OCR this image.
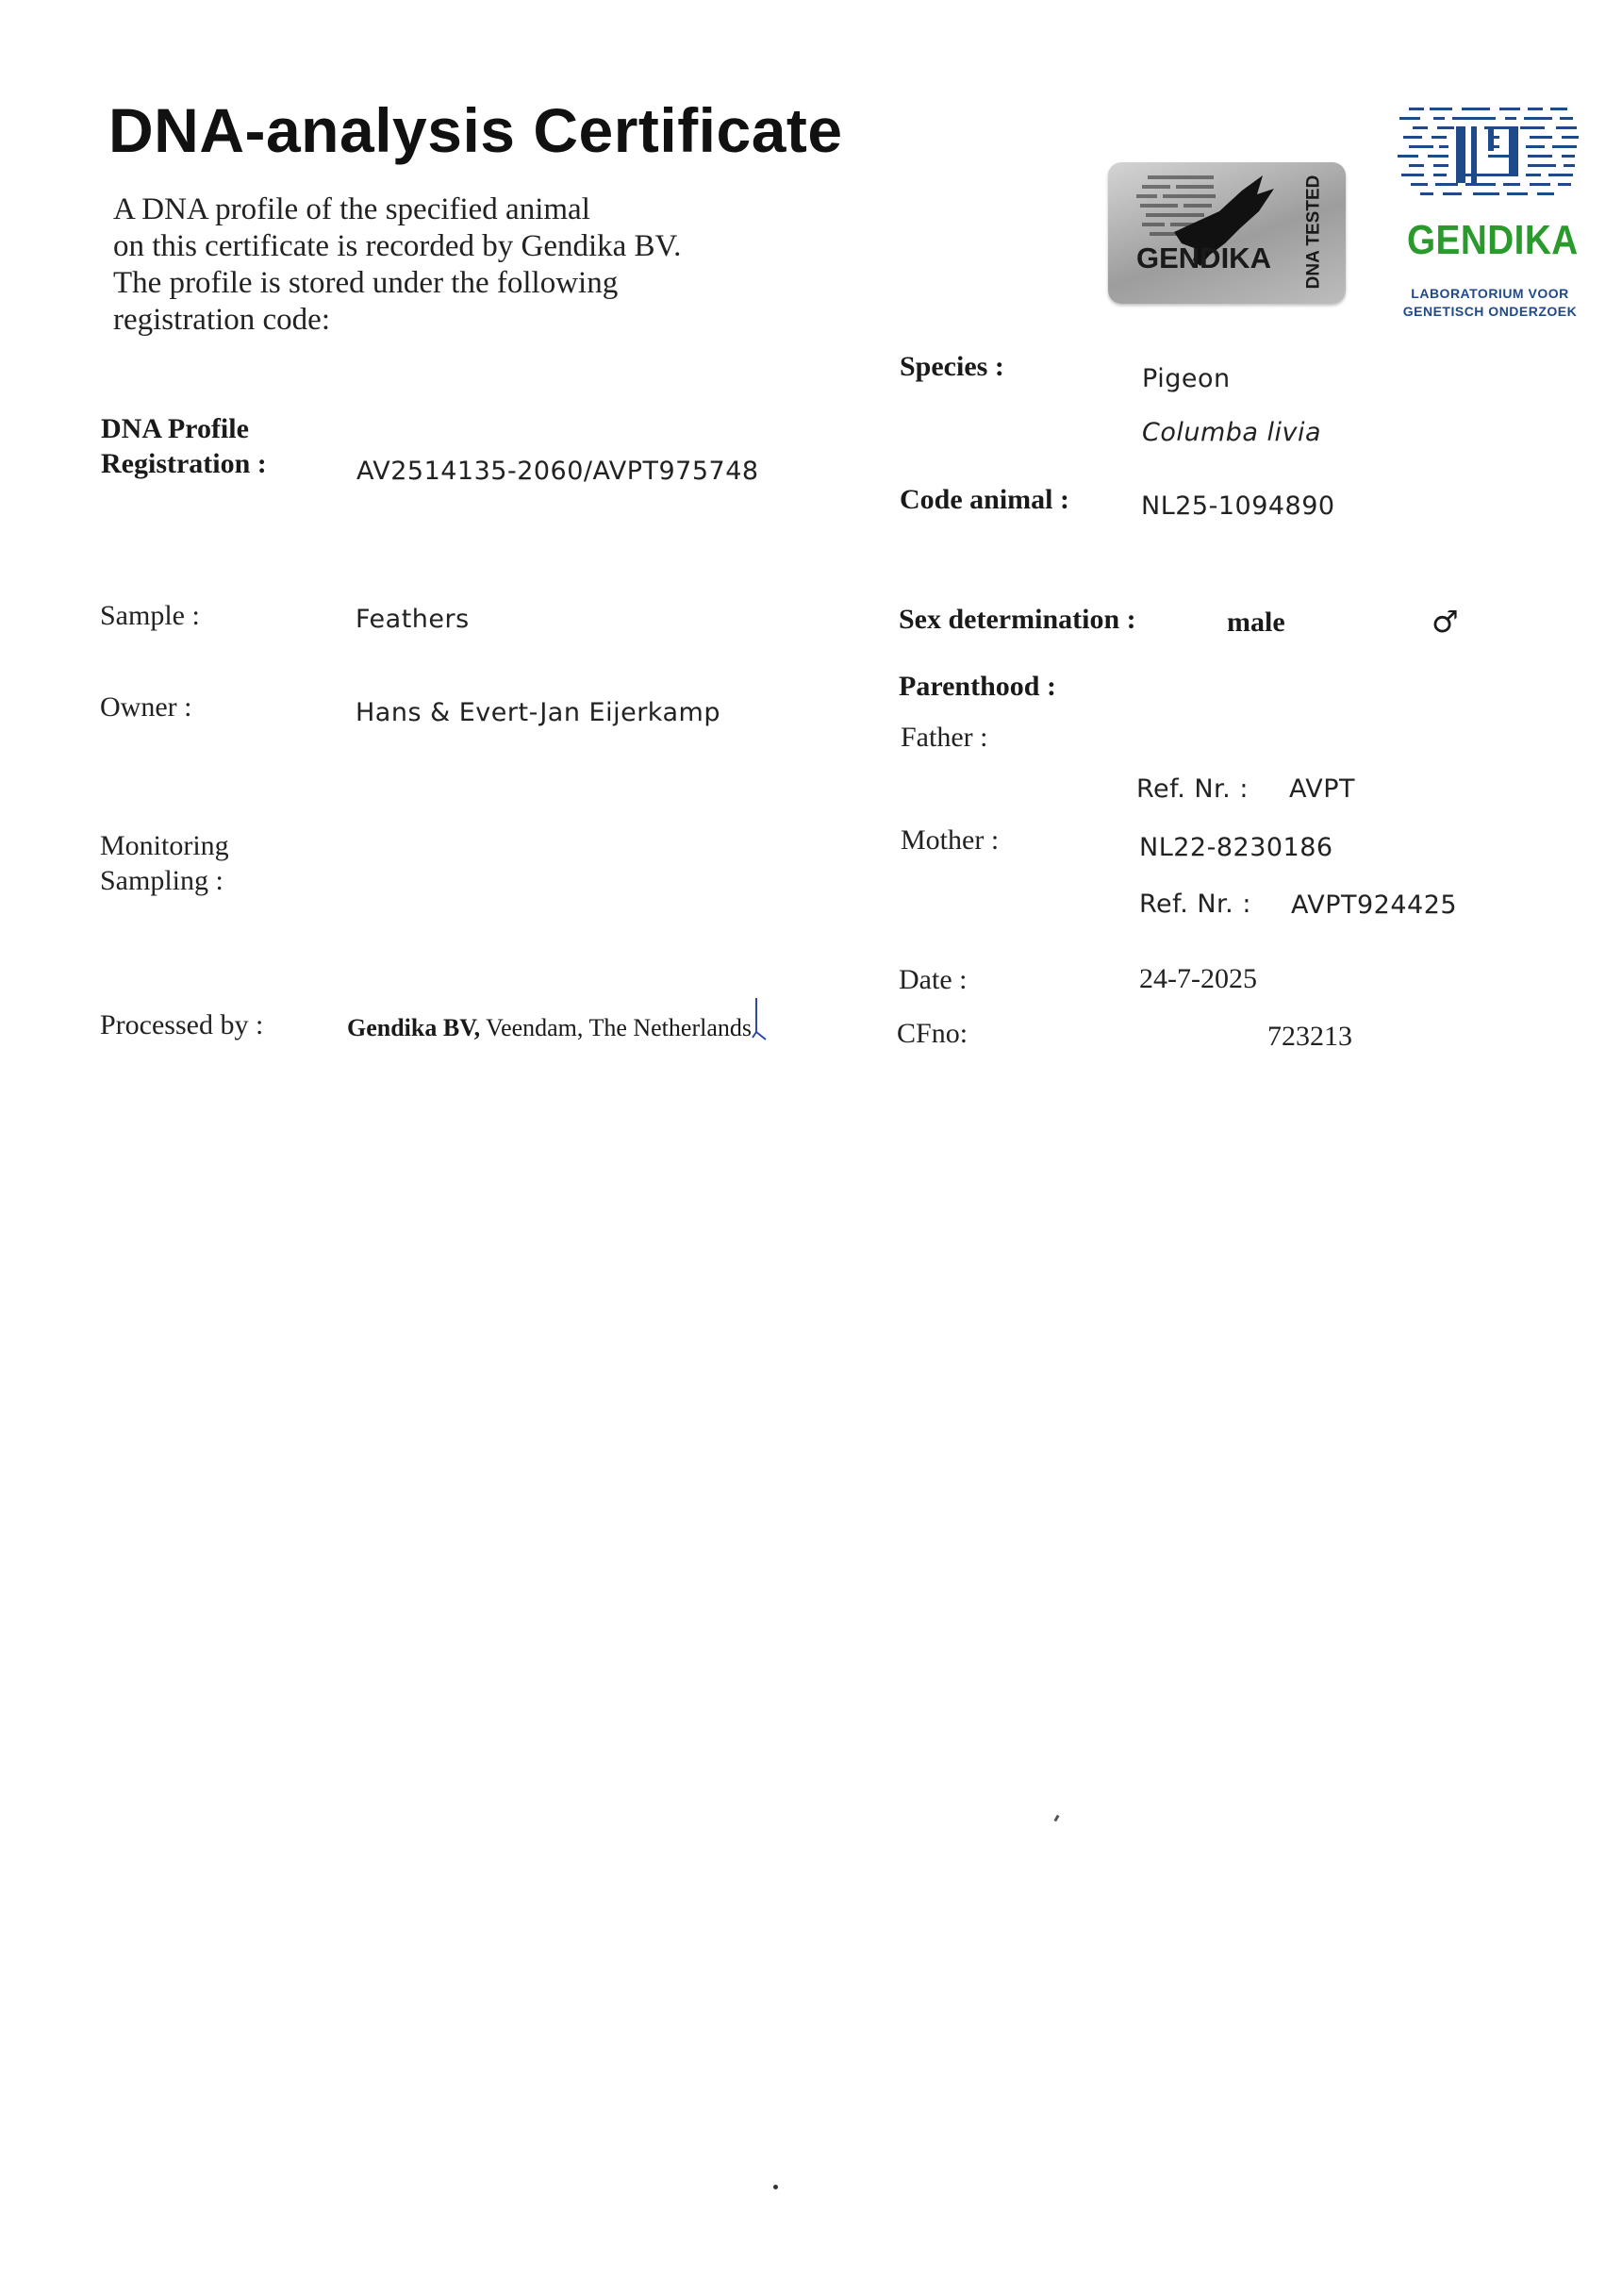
DNA-analysis Certificate
A DNA profile of the specified animal
on this certificate is recorded by Gendika BV.
The profile is stored under the following
registration code:
GENDIKA DNA TESTED GENDIKA
LABORATORIUM VOOR
GENETISCH ONDERZOEK
DNA Profile
Registration :	AV2514135-2060/AVPT975748
Sample :	Feathers
Owner :	Hans & Evert-Jan Eijerkamp
Monitoring
Sampling :
Processed by :	Gendika BV, Veendam, The Netherlands
Species :	Pigeon
Columba livia
Code animal :	NL25-1094890
Sex determination :	male	♂
Parenthood :
Father :
Ref. Nr. : AVPT
Mother :	NL22-8230186
Ref. Nr. : AVPT924425
Date :	24-7-2025
CFno:	723213
